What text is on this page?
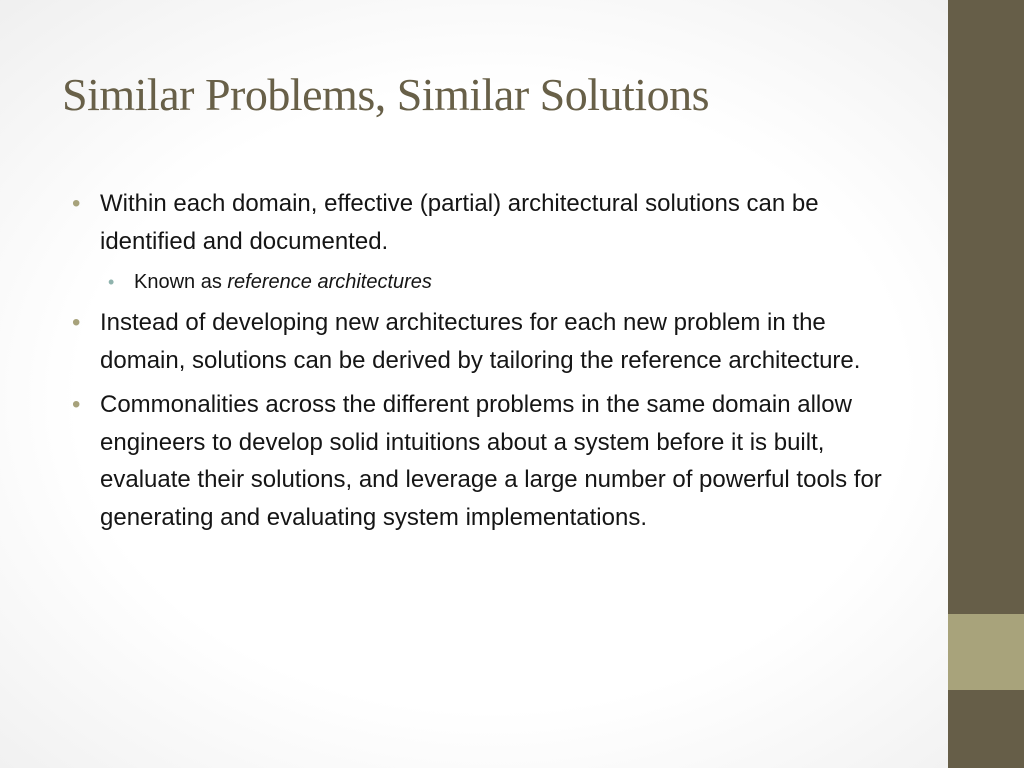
Similar Problems, Similar Solutions
• Within each domain, effective (partial) architectural solutions can be identified and documented.
• Known as reference architectures
• Instead of developing new architectures for each new problem in the domain, solutions can be derived by tailoring the reference architecture.
• Commonalities across the different problems in the same domain allow engineers to develop solid intuitions about a system before it is built, evaluate their solutions, and leverage a large number of powerful tools for generating and evaluating system implementations.
